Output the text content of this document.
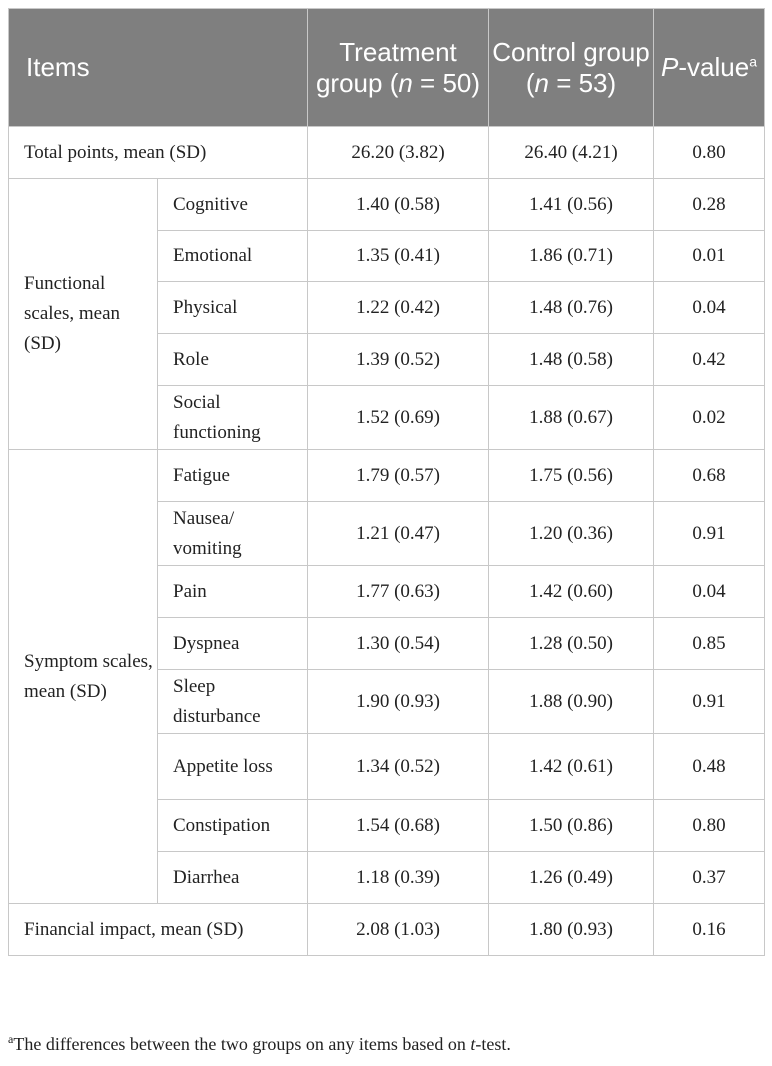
Items		Treatment group (n = 50)	Control group (n = 53)	P-value$^a$
Total points, mean (SD)		26.20 (3.82)	26.40 (4.21)	0.80
Functional scales, mean (SD)	Cognitive	1.40 (0.58)	1.41 (0.56)	0.28
	Emotional	1.35 (0.41)	1.86 (0.71)	0.01
	Physical	1.22 (0.42)	1.48 (0.76)	0.04
	Role	1.39 (0.52)	1.48 (0.58)	0.42
	Social functioning	1.52 (0.69)	1.88 (0.67)	0.02
Symptom scales, mean (SD)	Fatigue	1.79 (0.57)	1.75 (0.56)	0.68
	Nausea/ vomiting	1.21 (0.47)	1.20 (0.36)	0.91
	Pain	1.77 (0.63)	1.42 (0.60)	0.04
	Dyspnea	1.30 (0.54)	1.28 (0.50)	0.85
	Sleep disturbance	1.90 (0.93)	1.88 (0.90)	0.91
	Appetite loss	1.34 (0.52)	1.42 (0.61)	0.48
	Constipation	1.54 (0.68)	1.50 (0.86)	0.80
	Diarrhea	1.18 (0.39)	1.26 (0.49)	0.37
Financial impact, mean (SD)		2.08 (1.03)	1.80 (0.93)	0.16
$^a$The differences between the two groups on any items based on t-test.
